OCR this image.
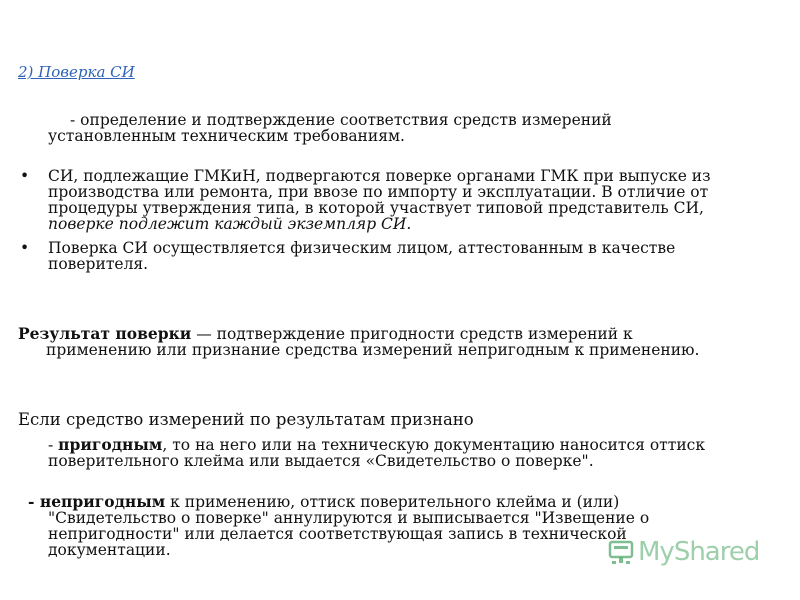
2) Поверка СИ

- определение и подтверждение соответствия средств измерений
установленным техническим требованиям.

• СИ, подлежащие ГМКиН, подвергаются поверке органами ГМК при выпуске из производства или ремонта, при ввозе по импорту и эксплуатации. В отличие от процедуры утверждения типа, в которой участвует типовой представитель СИ, поверке подлежит каждый экземпляр СИ.
• Поверка СИ осуществляется физическим лицом, аттестованным в качестве поверителя.

Результат поверки — подтверждение пригодности средств измерений к
применению или признание средства измерений непригодным к применению.

Если средство измерений по результатам признано

- пригодным, то на него или на техническую документацию наносится оттиск поверительного клейма или выдается «Свидетельство о поверке".

- непригодным к применению, оттиск поверительного клейма и (или)
"Свидетельство о поверке" аннулируются и выписывается "Извещение о непригодности" или делается соответствующая запись в технической документации.	MyShared
